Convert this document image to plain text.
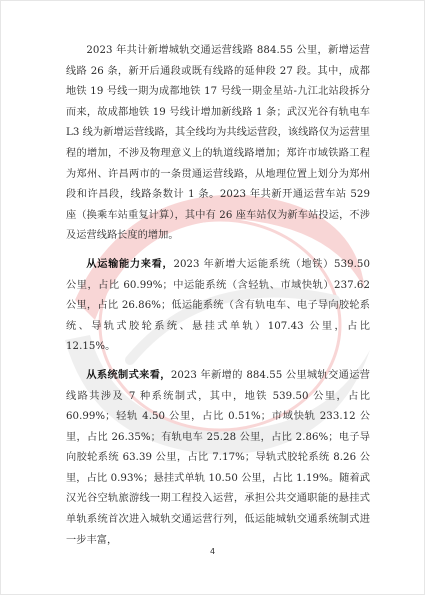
2023 年共计新增城轨交通运营线路 884.55 公里，新增运营线路 26 条，新开后通段或既有线路的延伸段 27 段。其中，成都地铁 19 号线一期为成都地铁 17 号线一期金星站-九江北站段拆分而来，故成都地铁 19 号线计增加新线路 1 条；武汉光谷有轨电车 L3 线为新增运营线路，其全线均为共线运营段，该线路仅为运营里程的增加，不涉及物理意义上的轨道线路增加；郑许市域铁路工程为郑州、许昌两市的一条贯通运营线路，从地理位置上划分为郑州段和许昌段，线路条数计 1 条。2023 年共新开通运营车站 529 座（换乘车站重复计算），其中有 26 座车站仅为新车站投运，不涉及运营线路长度的增加。

从运输能力来看，2023 年新增大运能系统（地铁）539.50 公里，占比 60.99%；中运能系统（含轻轨、市域快轨）237.62 公里，占比 26.86%；低运能系统（含有轨电车、电子导向胶轮系统、导轨式胶轮系统、悬挂式单轨）107.43 公里，占比 12.15%。

从系统制式来看，2023 年新增的 884.55 公里城轨交通运营线路共涉及 7 种系统制式，其中，地铁 539.50 公里，占比 60.99%；轻轨 4.50 公里，占比 0.51%；市域快轨 233.12 公里，占比 26.35%；有轨电车 25.28 公里，占比 2.86%；电子导向胶轮系统 63.39 公里，占比 7.17%；导轨式胶轮系统 8.26 公里，占比 0.93%；悬挂式单轨 10.50 公里，占比 1.19%。随着武汉光谷空轨旅游线一期工程投入运营，承担公共交通职能的悬挂式单轨系统首次进入城轨交通运营行列，低运能城轨交通系统制式进一步丰富，

4
